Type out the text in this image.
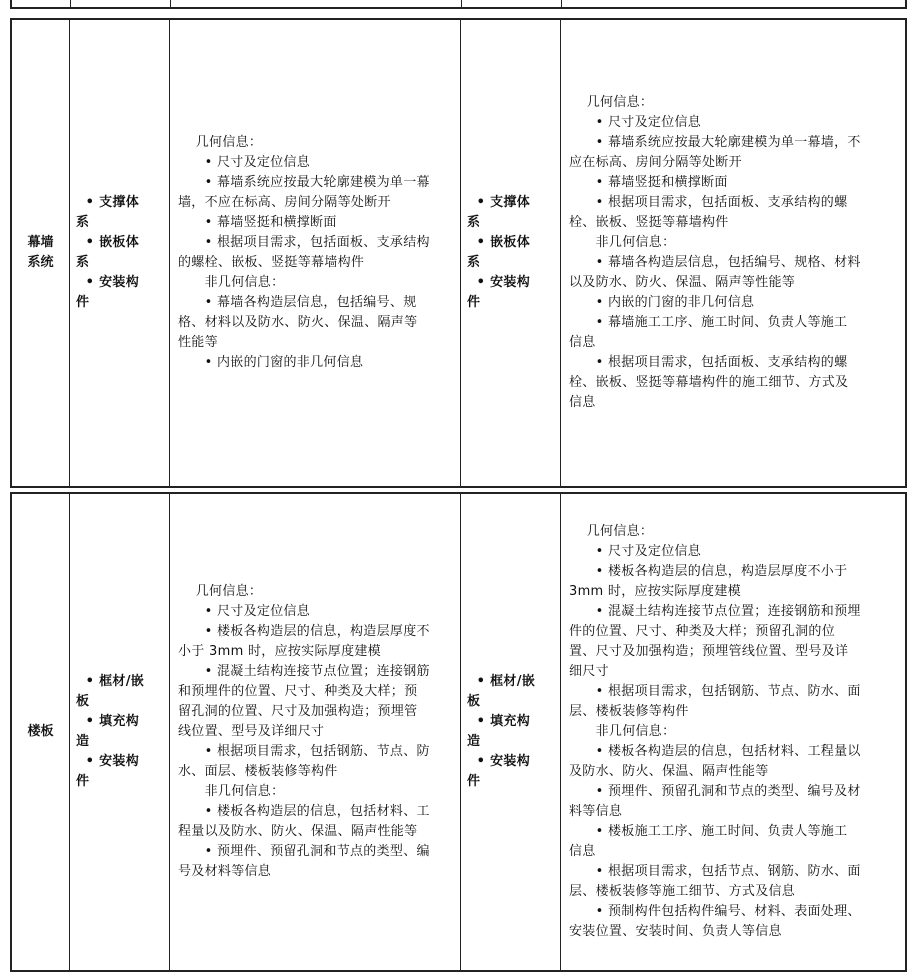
幕墙
系统
• 支撑体
系
• 嵌板体
系
• 安装构
件
几何信息：
• 尺寸及定位信息
• 幕墙系统应按最大轮廓建模为单一幕
墙，不应在标高、房间分隔等处断开
• 幕墙竖挺和横撑断面
• 根据项目需求，包括面板、支承结构
的螺栓、嵌板、竖挺等幕墙构件
非几何信息：
• 幕墙各构造层信息，包括编号、规
格、材料以及防水、防火、保温、隔声等
性能等
• 内嵌的门窗的非几何信息
• 支撑体
系
• 嵌板体
系
• 安装构
件
几何信息：
• 尺寸及定位信息
• 幕墙系统应按最大轮廓建模为单一幕墙，不
应在标高、房间分隔等处断开
• 幕墙竖挺和横撑断面
• 根据项目需求，包括面板、支承结构的螺
栓、嵌板、竖挺等幕墙构件
非几何信息：
• 幕墙各构造层信息，包括编号、规格、材料
以及防水、防火、保温、隔声等性能等
• 内嵌的门窗的非几何信息
• 幕墙施工工序、施工时间、负责人等施工
信息
• 根据项目需求，包括面板、支承结构的螺
栓、嵌板、竖挺等幕墙构件的施工细节、方式及
信息
楼板
• 框材/嵌
板
• 填充构
造
• 安装构
件
几何信息：
• 尺寸及定位信息
• 楼板各构造层的信息，构造层厚度不
小于 3mm 时，应按实际厚度建模
• 混凝土结构连接节点位置；连接钢筋
和预埋件的位置、尺寸、种类及大样；预
留孔洞的位置、尺寸及加强构造；预埋管
线位置、型号及详细尺寸
• 根据项目需求，包括钢筋、节点、防
水、面层、楼板装修等构件
非几何信息：
• 楼板各构造层的信息，包括材料、工
程量以及防水、防火、保温、隔声性能等
• 预埋件、预留孔洞和节点的类型、编
号及材料等信息
• 框材/嵌
板
• 填充构
造
• 安装构
件
几何信息：
• 尺寸及定位信息
• 楼板各构造层的信息，构造层厚度不小于
3mm 时，应按实际厚度建模
• 混凝土结构连接节点位置；连接钢筋和预埋
件的位置、尺寸、种类及大样；预留孔洞的位
置、尺寸及加强构造；预埋管线位置、型号及详
细尺寸
• 根据项目需求，包括钢筋、节点、防水、面
层、楼板装修等构件
非几何信息：
• 楼板各构造层的信息，包括材料、工程量以
及防水、防火、保温、隔声性能等
• 预埋件、预留孔洞和节点的类型、编号及材
料等信息
• 楼板施工工序、施工时间、负责人等施工
信息
• 根据项目需求，包括节点、钢筋、防水、面
层、楼板装修等施工细节、方式及信息
• 预制构件包括构件编号、材料、表面处理、
安装位置、安装时间、负责人等信息
